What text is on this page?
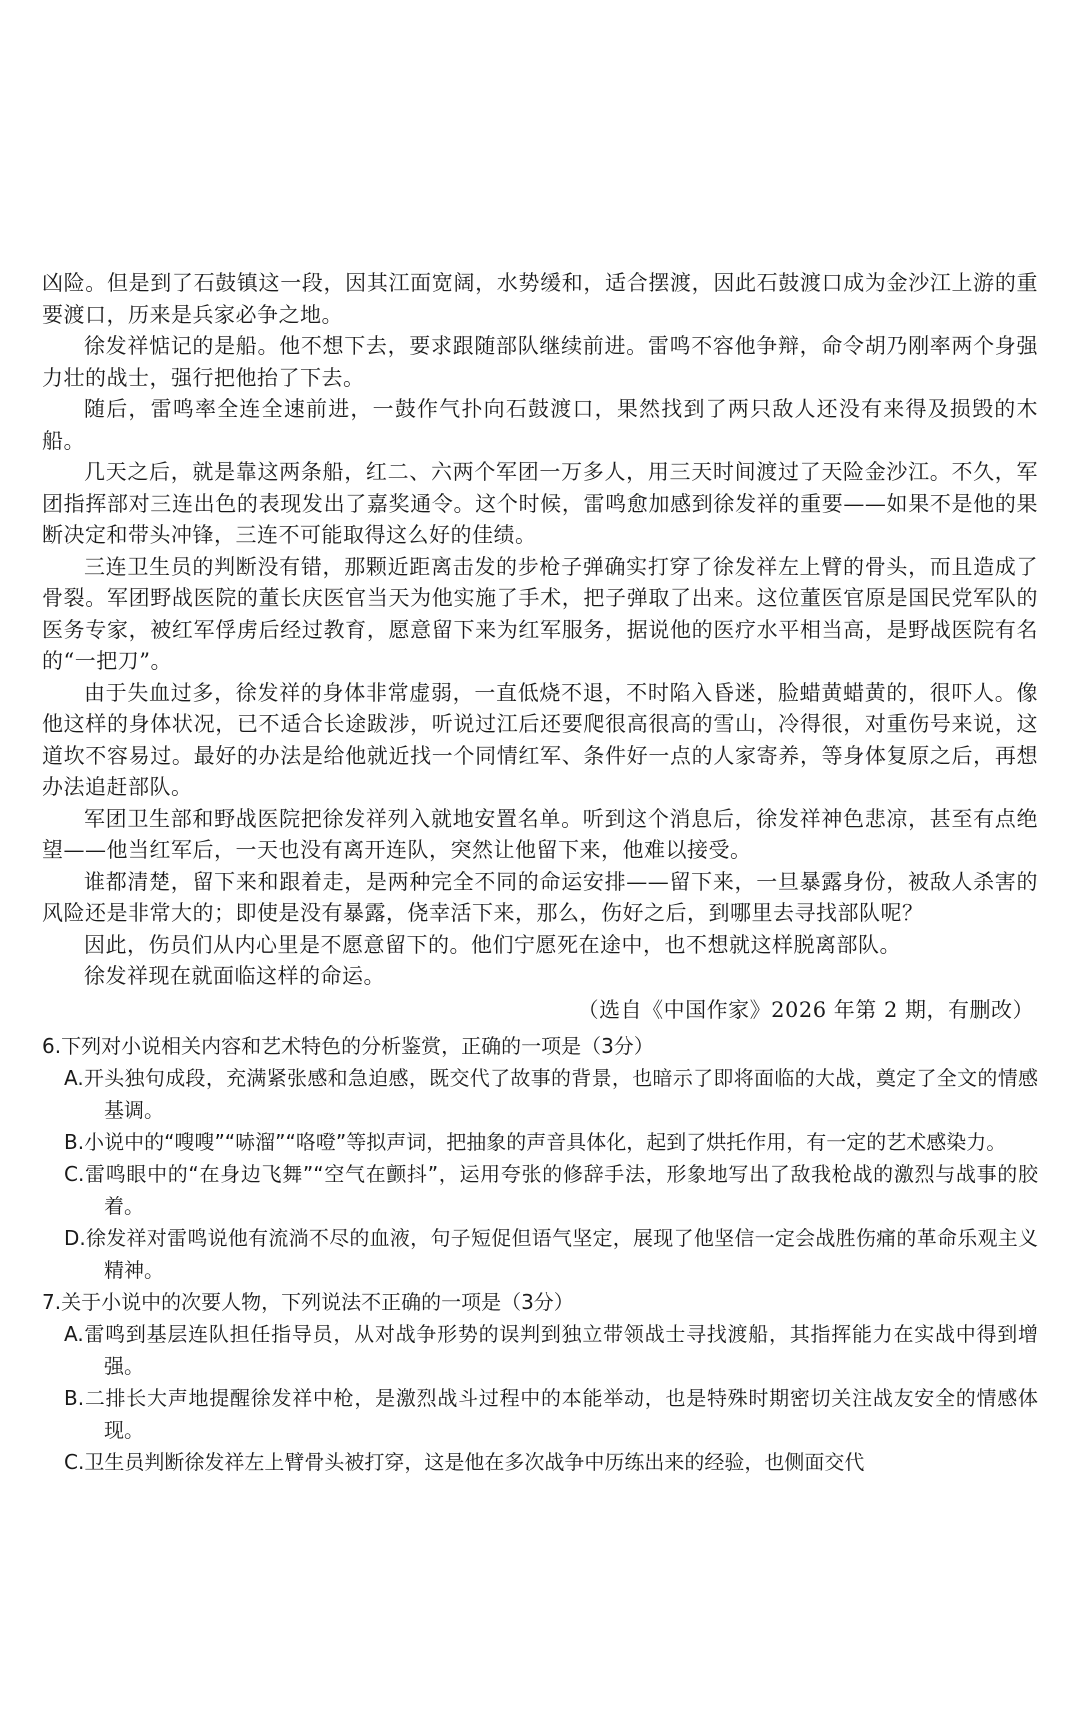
凶险。但是到了石鼓镇这一段，因其江面宽阔，水势缓和，适合摆渡，因此石鼓渡口成为金沙江上游的重要渡口，历来是兵家必争之地。

徐发祥惦记的是船。他不想下去，要求跟随部队继续前进。雷鸣不容他争辩，命令胡乃刚率两个身强力壮的战士，强行把他抬了下去。

随后，雷鸣率全连全速前进，一鼓作气扑向石鼓渡口，果然找到了两只敌人还没有来得及损毁的木船。

几天之后，就是靠这两条船，红二、六两个军团一万多人，用三天时间渡过了天险金沙江。不久，军团指挥部对三连出色的表现发出了嘉奖通令。这个时候，雷鸣愈加感到徐发祥的重要——如果不是他的果断决定和带头冲锋，三连不可能取得这么好的佳绩。

三连卫生员的判断没有错，那颗近距离击发的步枪子弹确实打穿了徐发祥左上臂的骨头，而且造成了骨裂。军团野战医院的董长庆医官当天为他实施了手术，把子弹取了出来。这位董医官原是国民党军队的医务专家，被红军俘虏后经过教育，愿意留下来为红军服务，据说他的医疗水平相当高，是野战医院有名的“一把刀”。

由于失血过多，徐发祥的身体非常虚弱，一直低烧不退，不时陷入昏迷，脸蜡黄蜡黄的，很吓人。像他这样的身体状况，已不适合长途跋涉，听说过江后还要爬很高很高的雪山，冷得很，对重伤号来说，这道坎不容易过。最好的办法是给他就近找一个同情红军、条件好一点的人家寄养，等身体复原之后，再想办法追赶部队。

军团卫生部和野战医院把徐发祥列入就地安置名单。听到这个消息后，徐发祥神色悲凉，甚至有点绝望——他当红军后，一天也没有离开连队，突然让他留下来，他难以接受。

谁都清楚，留下来和跟着走，是两种完全不同的命运安排——留下来，一旦暴露身份，被敌人杀害的风险还是非常大的；即使是没有暴露，侥幸活下来，那么，伤好之后，到哪里去寻找部队呢？

因此，伤员们从内心里是不愿意留下的。他们宁愿死在途中，也不想就这样脱离部队。

徐发祥现在就面临这样的命运。

（选自《中国作家》2026 年第 2 期，有删改）

6.下列对小说相关内容和艺术特色的分析鉴赏，正确的一项是（3分）

A.开头独句成段，充满紧张感和急迫感，既交代了故事的背景，也暗示了即将面临的大战，奠定了全文的情感基调。

B.小说中的“嗖嗖”“哧溜”“咯噔”等拟声词，把抽象的声音具体化，起到了烘托作用，有一定的艺术感染力。

C.雷鸣眼中的“在身边飞舞”“空气在颤抖”，运用夸张的修辞手法，形象地写出了敌我枪战的激烈与战事的胶着。

D.徐发祥对雷鸣说他有流淌不尽的血液，句子短促但语气坚定，展现了他坚信一定会战胜伤痛的革命乐观主义精神。

7.关于小说中的次要人物，下列说法不正确的一项是（3分）

A.雷鸣到基层连队担任指导员，从对战争形势的误判到独立带领战士寻找渡船，其指挥能力在实战中得到增强。

B.二排长大声地提醒徐发祥中枪，是激烈战斗过程中的本能举动，也是特殊时期密切关注战友安全的情感体现。

C.卫生员判断徐发祥左上臂骨头被打穿，这是他在多次战争中历练出来的经验，也侧面交代
